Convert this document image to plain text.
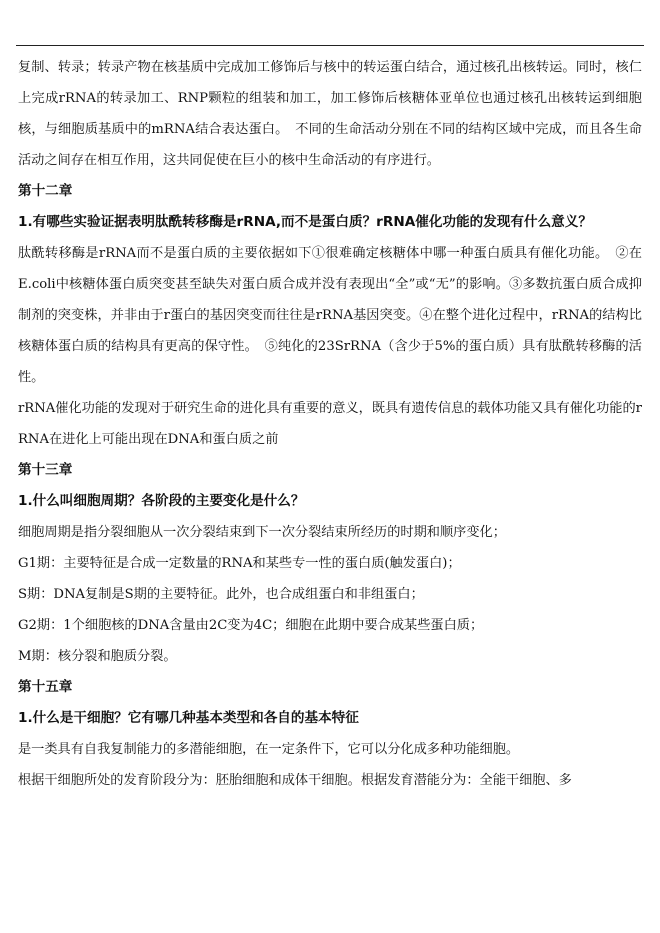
复制、转录；转录产物在核基质中完成加工修饰后与核中的转运蛋白结合，通过核孔出核转运。同时，核仁上完成rRNA的转录加工、RNP颗粒的组装和加工，加工修饰后核糖体亚单位也通过核孔出核转运到细胞核，与细胞质基质中的mRNA结合表达蛋白。　不同的生命活动分别在不同的结构区域中完成，而且各生命活动之间存在相互作用，这共同促使在巨小的核中生命活动的有序进行。

第十二章
1.有哪些实验证据表明肽酰转移酶是rRNA,而不是蛋白质？rRNA催化功能的发现有什么意义？

肽酰转移酶是rRNA而不是蛋白质的主要依据如下①很难确定核糖体中哪一种蛋白质具有催化功能。　②在E.coli中核糖体蛋白质突变甚至缺失对蛋白质合成并没有表现出“全”或“无”的影响。③多数抗蛋白质合成抑制剂的突变株，并非由于r蛋白的基因突变而往往是rRNA基因突变。④在整个进化过程中，rRNA的结构比核糖体蛋白质的结构具有更高的保守性。　⑤纯化的23SrRNA（含少于5%的蛋白质）具有肽酰转移酶的活性。

rRNA催化功能的发现对于研究生命的进化具有重要的意义，既具有遗传信息的载体功能又具有催化功能的rRNA在进化上可能出现在DNA和蛋白质之前

第十三章
1.什么叫细胞周期？各阶段的主要变化是什么？

细胞周期是指分裂细胞从一次分裂结束到下一次分裂结束所经历的时期和顺序变化；

G1期：主要特征是合成一定数量的RNA和某些专一性的蛋白质(触发蛋白)；

S期：DNA复制是S期的主要特征。此外，也合成组蛋白和非组蛋白；

G2期：1个细胞核的DNA含量由2C变为4C；细胞在此期中要合成某些蛋白质；

M期：核分裂和胞质分裂。

第十五章
1.什么是干细胞？它有哪几种基本类型和各自的基本特征

是一类具有自我复制能力的多潜能细胞，在一定条件下，它可以分化成多种功能细胞。

根据干细胞所处的发育阶段分为：胚胎细胞和成体干细胞。根据发育潜能分为：全能干细胞、多
